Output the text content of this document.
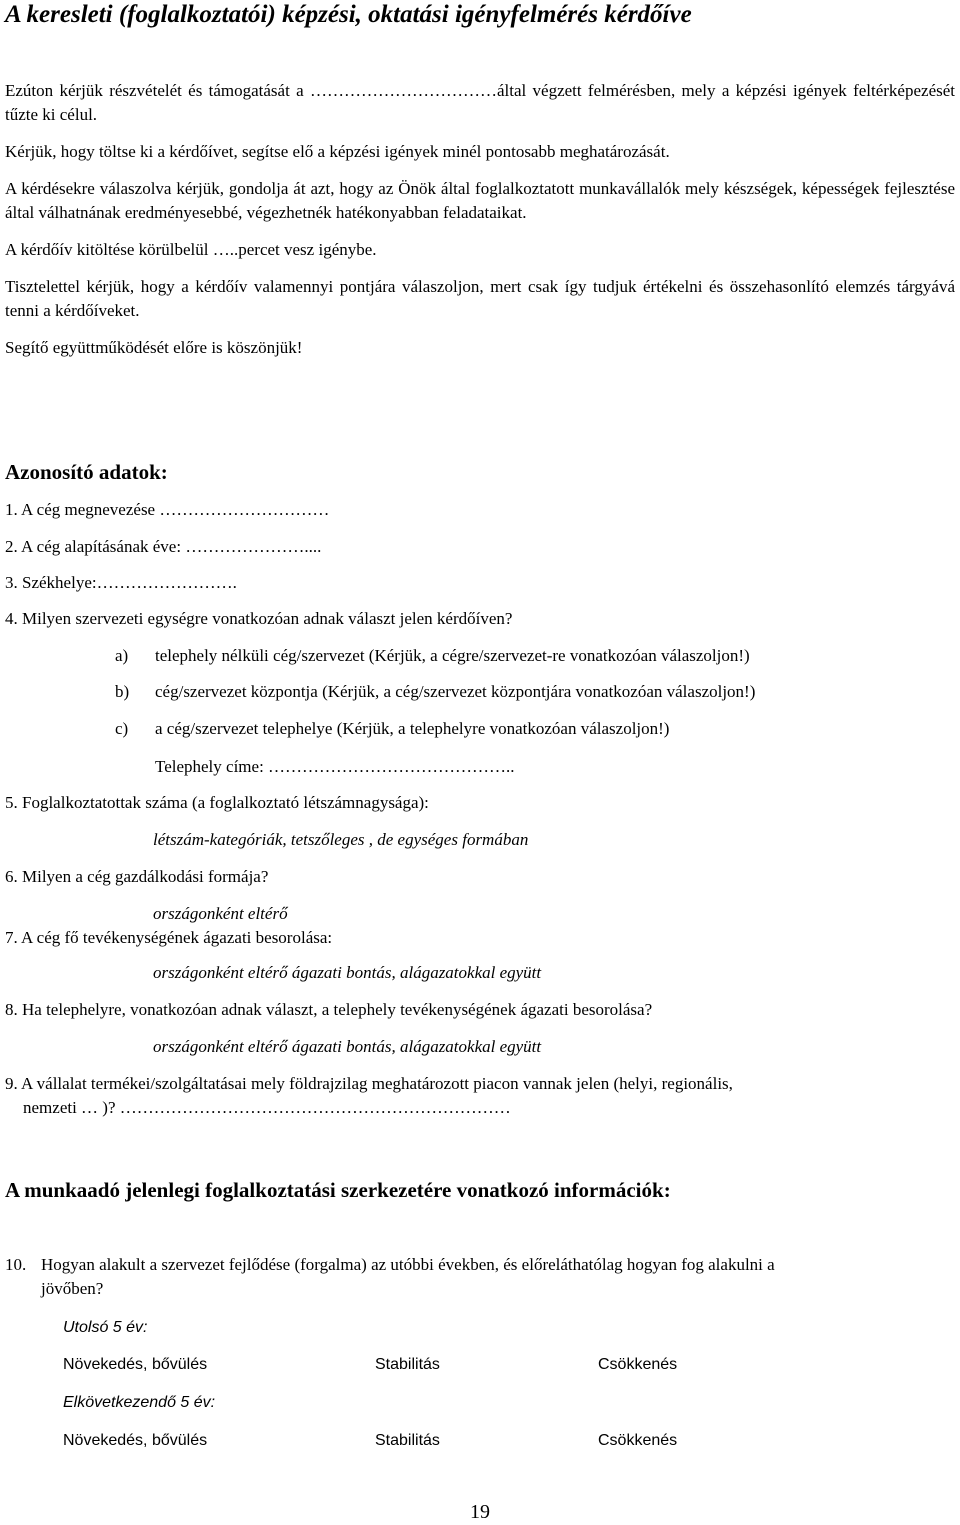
A keresleti (foglalkoztatói) képzési, oktatási igényfelmérés kérdőíve

Ezúton kérjük részvételét és támogatását a ……………………………által végzett felmérésben, mely a képzési igények feltérképezését tűzte ki célul.

Kérjük, hogy töltse ki a kérdőívet, segítse elő a képzési igények minél pontosabb meghatározását.

A kérdésekre válaszolva kérjük, gondolja át azt, hogy az Önök által foglalkoztatott munkavállalók mely készségek, képességek fejlesztése által válhatnának eredményesebbé, végezhetnék hatékonyabban feladataikat.

A kérdőív kitöltése körülbelül …..percet vesz igénybe.

Tisztelettel kérjük, hogy a kérdőív valamennyi pontjára válaszoljon, mert csak így tudjuk értékelni és összehasonlító elemzés tárgyává tenni a kérdőíveket.

Segítő együttműködését előre is köszönjük!

Azonosító adatok:

1. A cég megnevezése …………………………

2. A cég alapításának éve: …………………....

3. Székhelye:…………………….

4. Milyen szervezeti egységre vonatkozóan adnak választ jelen kérdőíven?

a) telephely nélküli cég/szervezet (Kérjük, a cégre/szervezet-re vonatkozóan válaszoljon!)

b) cég/szervezet központja (Kérjük, a cég/szervezet központjára vonatkozóan válaszoljon!)

c) a cég/szervezet telephelye (Kérjük, a telephelyre vonatkozóan válaszoljon!)

Telephely címe: ……………………………………..

5. Foglalkoztatottak száma (a foglalkoztató létszámnagysága):

létszám-kategóriák, tetszőleges , de egységes formában

6. Milyen a cég gazdálkodási formája?

országonként eltérő

7. A cég fő tevékenységének ágazati besorolása:

országonként eltérő ágazati bontás, alágazatokkal együtt

8. Ha telephelyre, vonatkozóan adnak választ, a telephely tevékenységének ágazati besorolása?

országonként eltérő ágazati bontás, alágazatokkal együtt

9. A vállalat termékei/szolgáltatásai mely földrajzilag meghatározott piacon vannak jelen (helyi, regionális,

nemzeti … )? ……………………………………………………………

A munkaadó jelenlegi foglalkoztatási szerkezetére vonatkozó információk:

10. Hogyan alakult a szervezet fejlődése (forgalma) az utóbbi években, és előreláthatólag hogyan fog alakulni a

jövőben?

Utolsó 5 év:

Növekedés, bővülés	Stabilitás	Csökkenés

Elkövetkezendő 5 év:

Növekedés, bővülés	Stabilitás	Csökkenés

19
